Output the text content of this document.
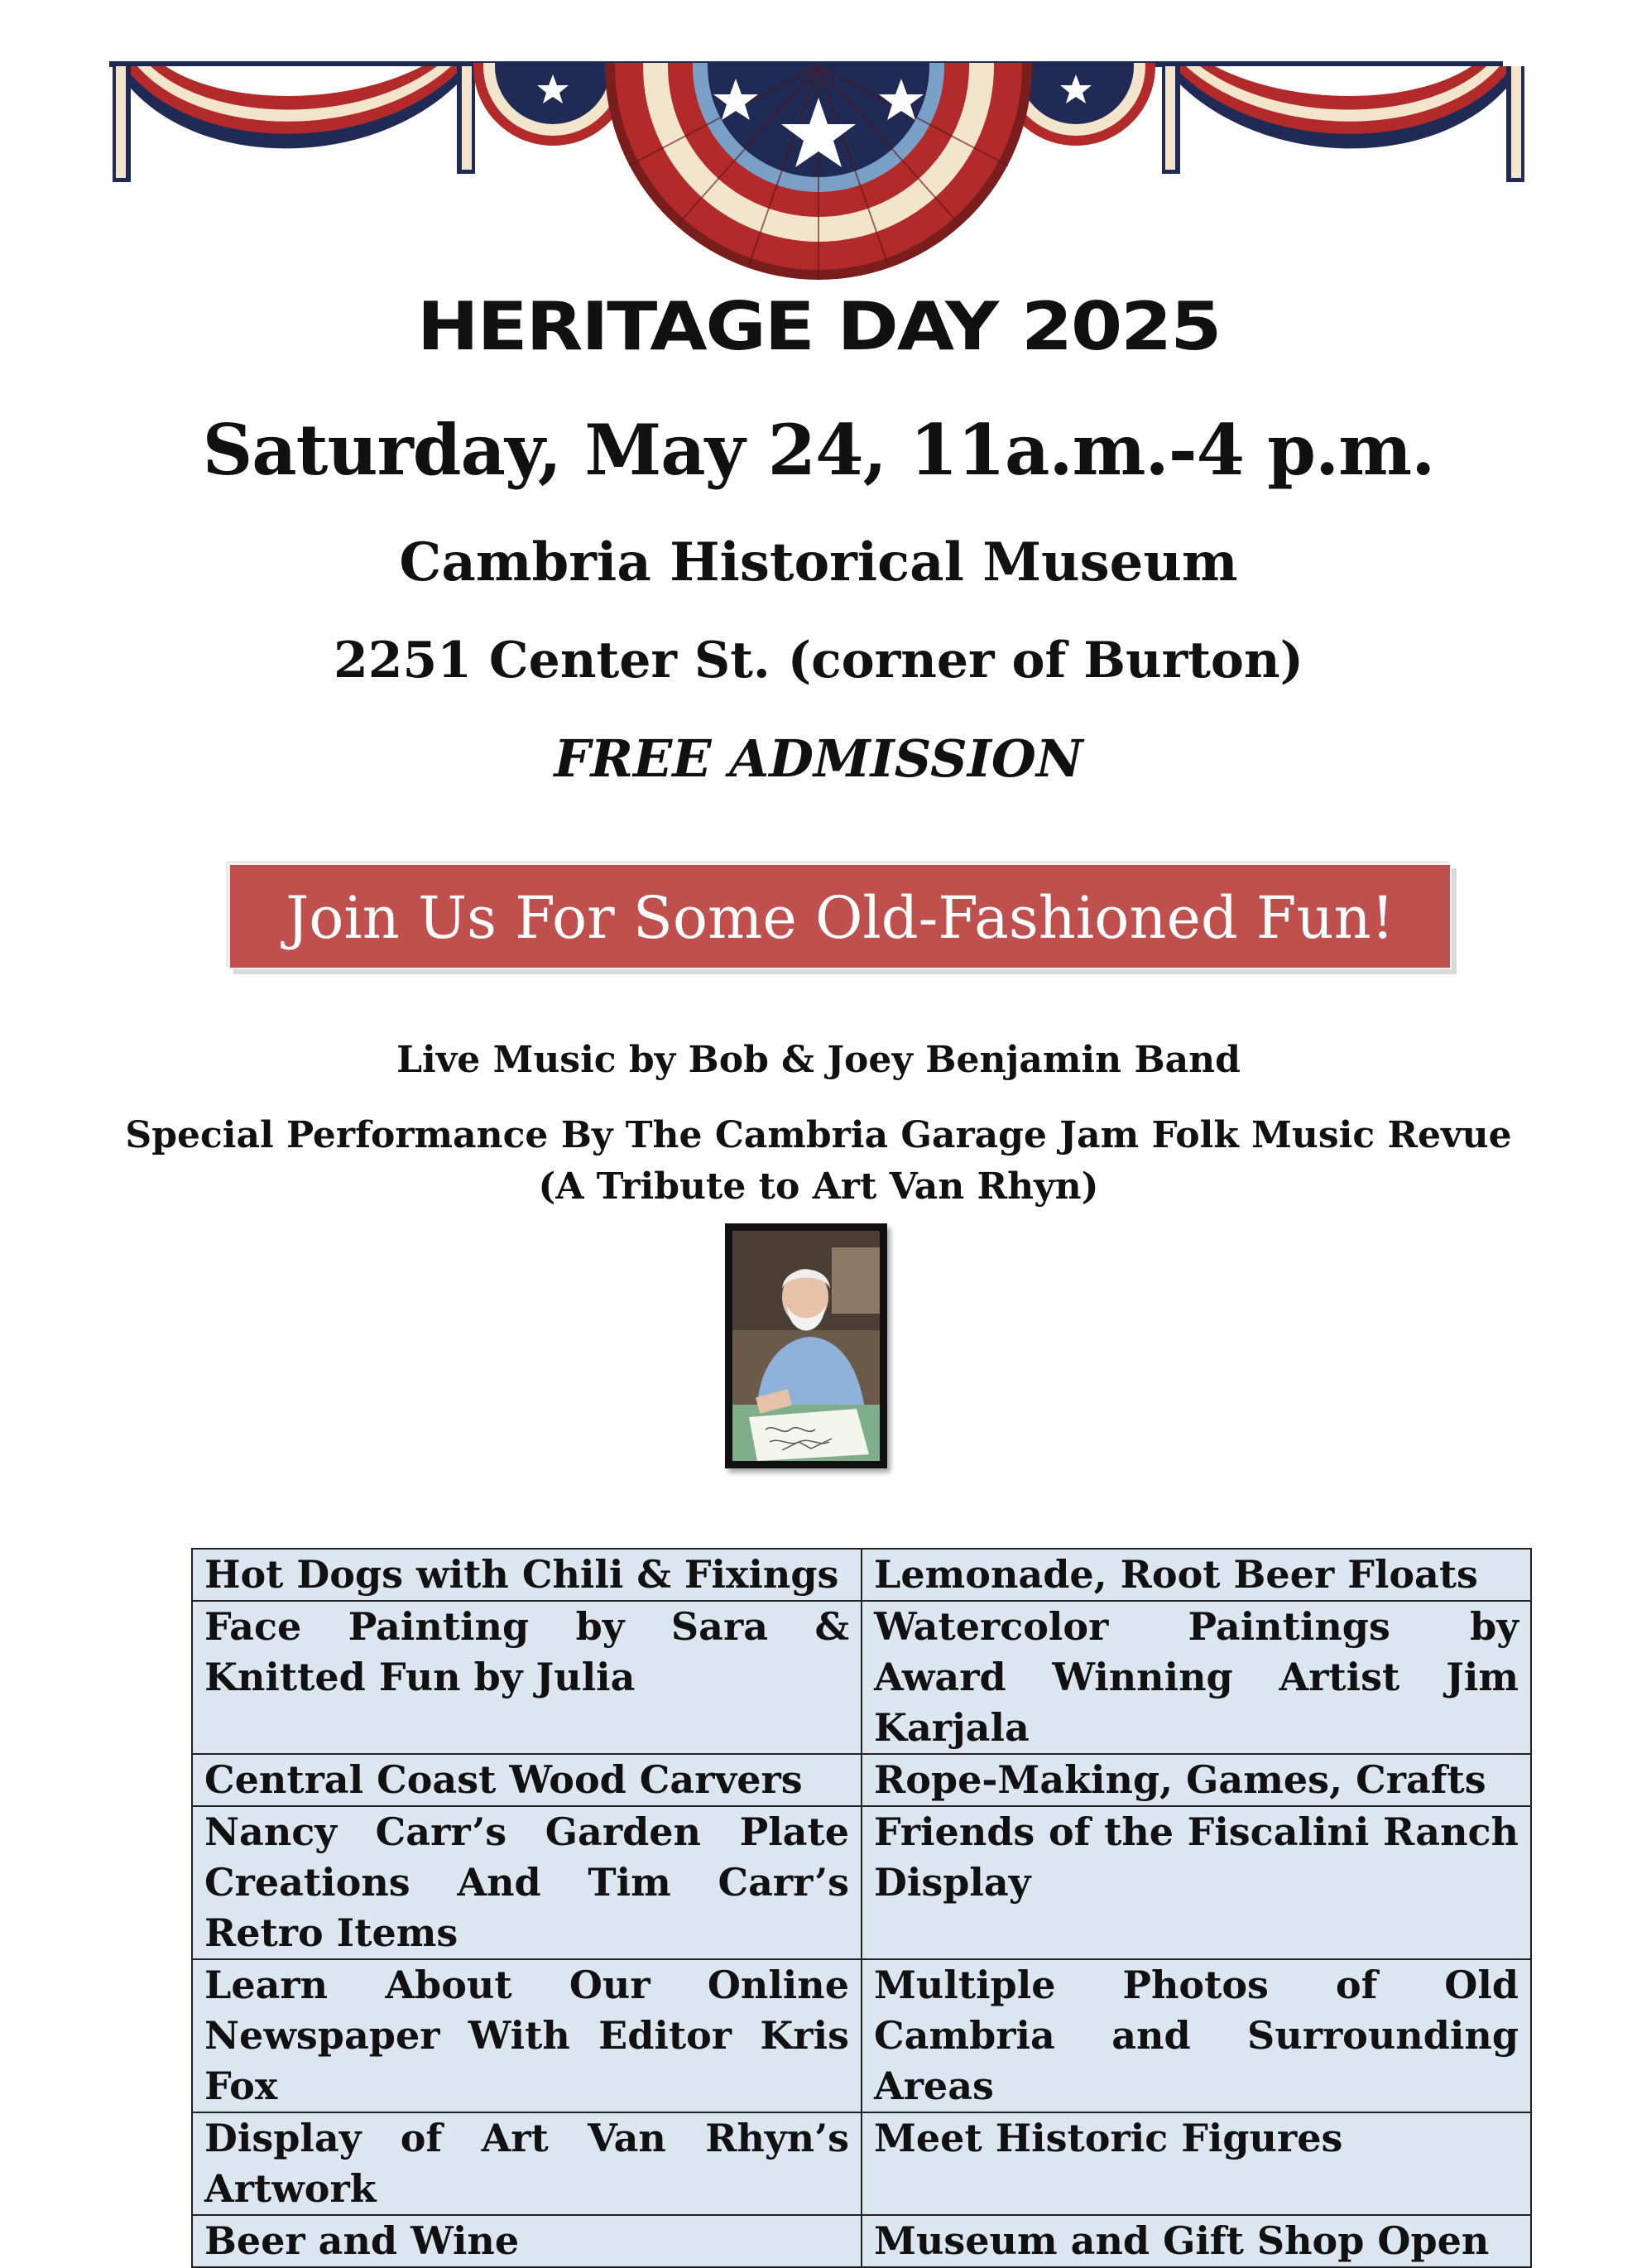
HERITAGE DAY 2025
Saturday, May 24, 11a.m.-4 p.m.
Cambria Historical Museum
2251 Center St. (corner of Burton)
FREE ADMISSION
Join Us For Some Old-Fashioned Fun!
Live Music by Bob & Joey Benjamin Band
Special Performance By The Cambria Garage Jam Folk Music Revue
(A Tribute to Art Van Rhyn)
Hot Dogs with Chili & Fixings	Lemonade, Root Beer Floats
Face Painting by Sara & Knitted Fun by Julia	Watercolor Paintings by Award Winning Artist Jim Karjala
Central Coast Wood Carvers	Rope-Making, Games, Crafts
Nancy Carr’s Garden Plate Creations And Tim Carr’s Retro Items	Friends of the Fiscalini Ranch Display
Learn About Our Online Newspaper With Editor Kris Fox	Multiple Photos of Old Cambria and Surrounding Areas
Display of Art Van Rhyn’s Artwork	Meet Historic Figures
Beer and Wine	Museum and Gift Shop Open
